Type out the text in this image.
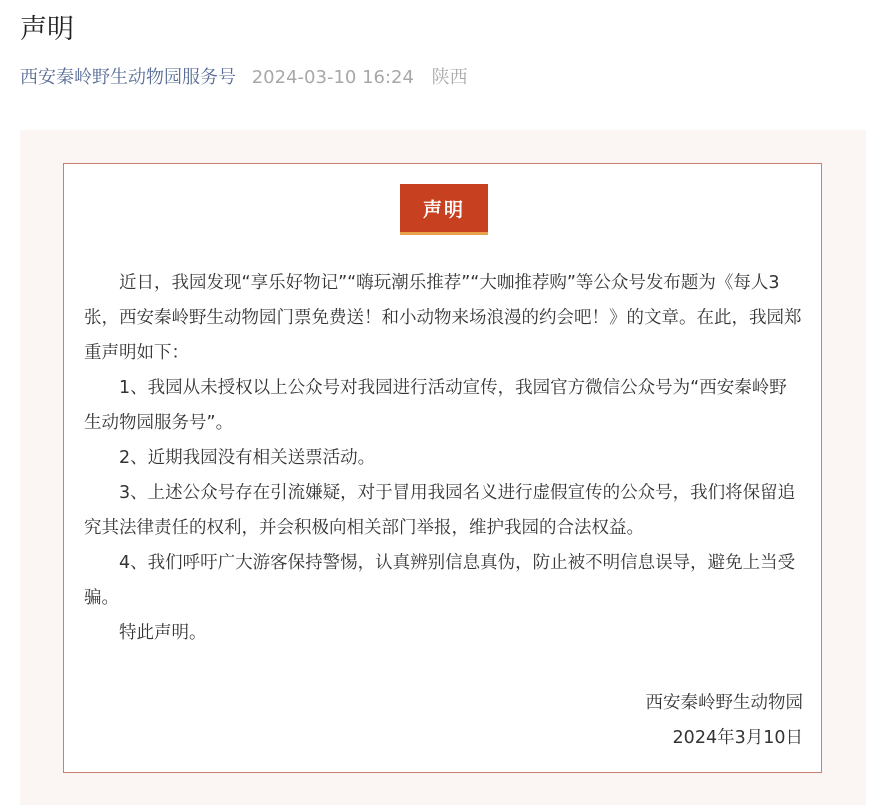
声明
西安秦岭野生动物园服务号 2024-03-10 16:24 陕西
声明

近日，我园发现“享乐好物记”“嗨玩潮乐推荐”“大咖推荐购”等公众号发布题为《每人3张，西安秦岭野生动物园门票免费送！和小动物来场浪漫的约会吧！》的文章。在此，我园郑重声明如下：

1、我园从未授权以上公众号对我园进行活动宣传，我园官方微信公众号为“西安秦岭野生动物园服务号”。

2、近期我园没有相关送票活动。

3、上述公众号存在引流嫌疑，对于冒用我园名义进行虚假宣传的公众号，我们将保留追究其法律责任的权利，并会积极向相关部门举报，维护我园的合法权益。

4、我们呼吁广大游客保持警惕，认真辨别信息真伪，防止被不明信息误导，避免上当受骗。

特此声明。

西安秦岭野生动物园
2024年3月10日
